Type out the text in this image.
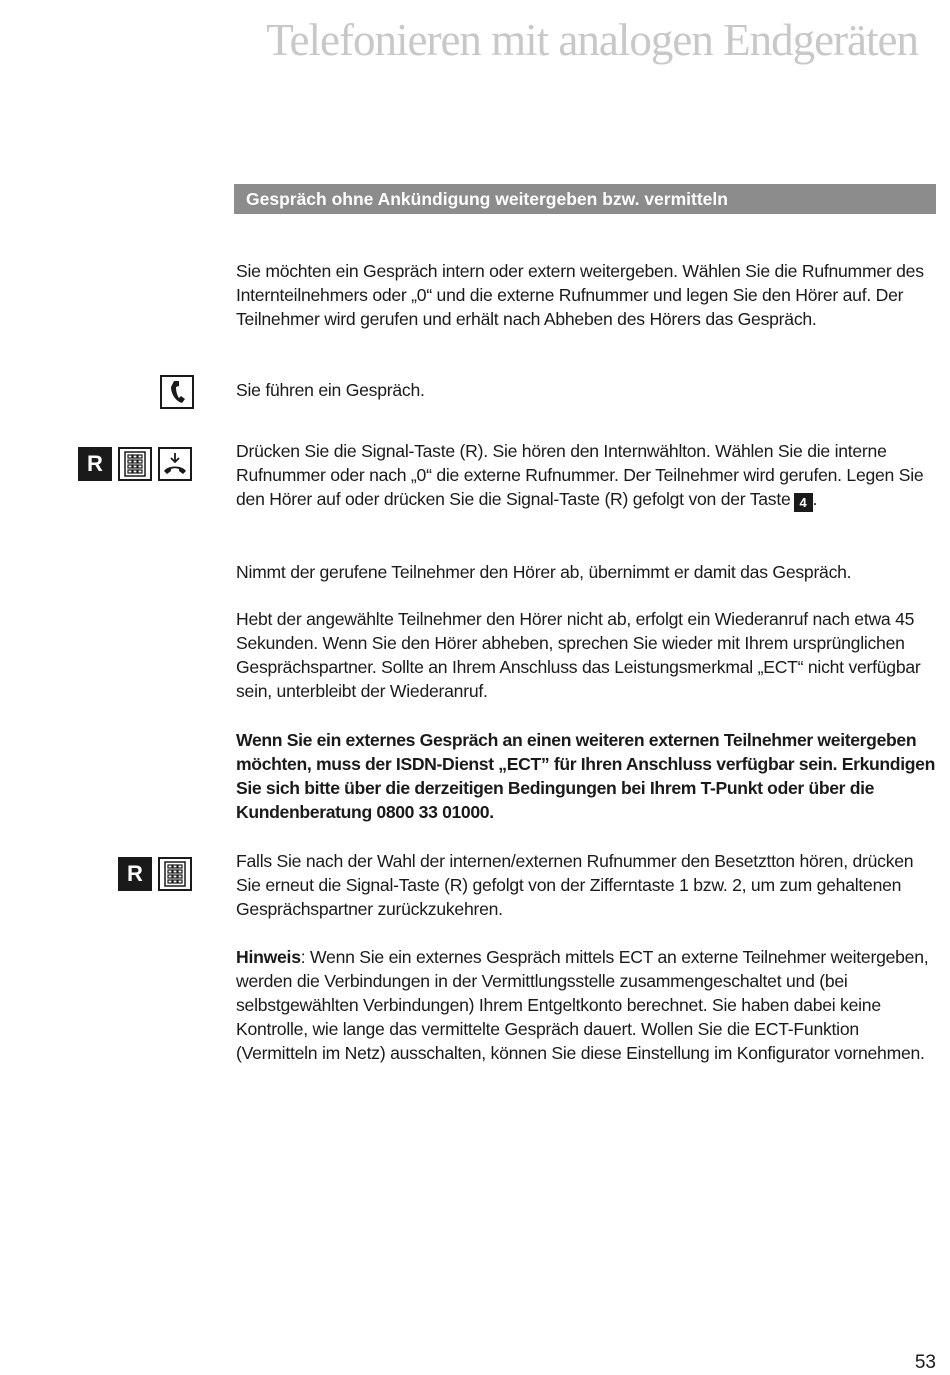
Telefonieren mit analogen Endgeräten
Gespräch ohne Ankündigung weitergeben bzw. vermitteln

Sie möchten ein Gespräch intern oder extern weitergeben. Wählen Sie die Rufnummer des Internteilnehmers oder „0“ und die externe Rufnummer und legen Sie den Hörer auf. Der Teilnehmer wird gerufen und erhält nach Abheben des Hörers das Gespräch.

Sie führen ein Gespräch.

R	Drücken Sie die Signal-Taste (R). Sie hören den Internwählton. Wählen Sie die interne Rufnummer oder nach „0“ die externe Rufnummer. Der Teilnehmer wird gerufen. Legen Sie den Hörer auf oder drücken Sie die Signal-Taste (R) gefolgt von der Taste 4 .

Nimmt der gerufene Teilnehmer den Hörer ab, übernimmt er damit das Gespräch.

Hebt der angewählte Teilnehmer den Hörer nicht ab, erfolgt ein Wiederanruf nach etwa 45 Sekunden. Wenn Sie den Hörer abheben, sprechen Sie wieder mit Ihrem ursprünglichen Gesprächspartner. Sollte an Ihrem Anschluss das Leistungsmerkmal „ECT“ nicht verfügbar sein, unterbleibt der Wiederanruf.

Wenn Sie ein externes Gespräch an einen weiteren externen Teilnehmer weitergeben möchten, muss der ISDN-Dienst „ECT” für Ihren Anschluss verfügbar sein. Erkundigen Sie sich bitte über die derzeitigen Bedingungen bei Ihrem T-Punkt oder über die Kundenberatung 0800 33 01000.

R	Falls Sie nach der Wahl der internen/externen Rufnummer den Besetztton hören, drücken Sie erneut die Signal-Taste (R) gefolgt von der Zifferntaste 1 bzw. 2, um zum gehaltenen Gesprächspartner zurückzukehren.

Hinweis: Wenn Sie ein externes Gespräch mittels ECT an externe Teilnehmer weitergeben, werden die Verbindungen in der Vermittlungsstelle zusammengeschaltet und (bei selbstgewählten Verbindungen) Ihrem Entgeltkonto berechnet. Sie haben dabei keine Kontrolle, wie lange das vermittelte Gespräch dauert. Wollen Sie die ECT-Funktion (Vermitteln im Netz) ausschalten, können Sie diese Einstellung im Konfigurator vornehmen.

53
